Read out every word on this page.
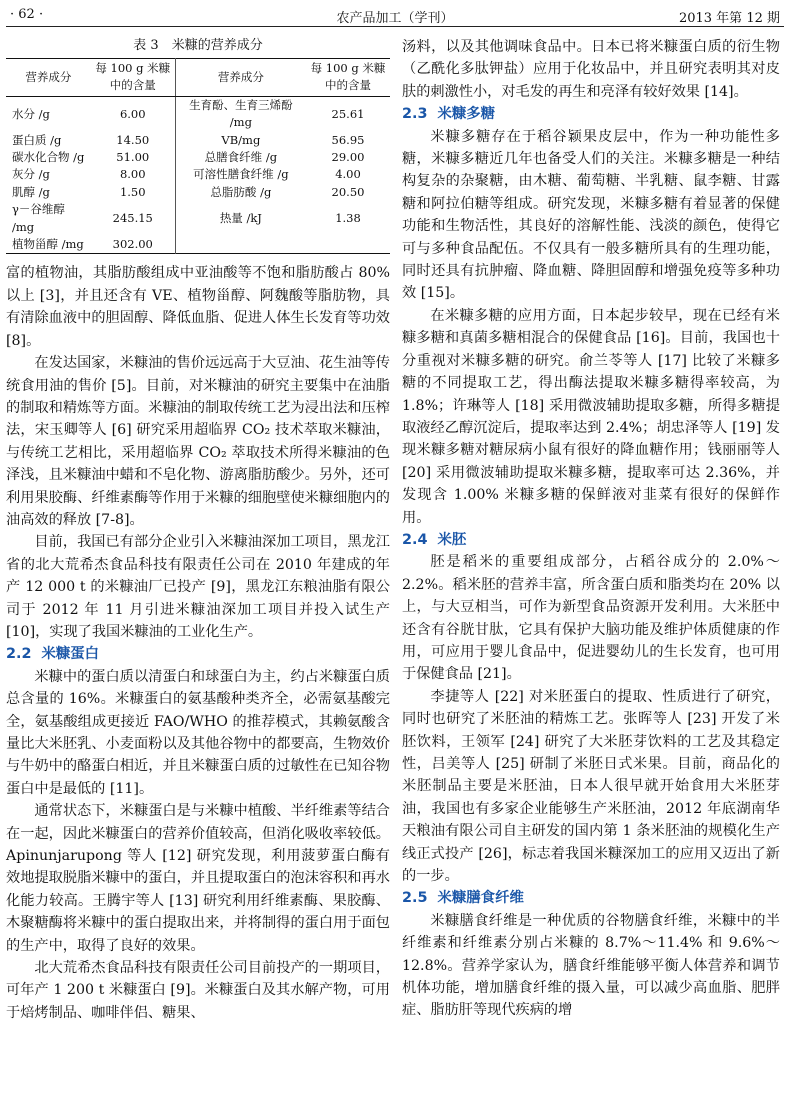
· 62 ·	农产品加工（学刊）	2013 年第 12 期
表 3　米糠的营养成分
营养成分	每 100 g 米糠中的含量	营养成分	每 100 g 米糠中的含量
水分 /g	6.00	生育酚、生育三烯酚 /mg	25.61
蛋白质 /g	14.50	VB/mg	56.95
碳水化合物 /g	51.00	总膳食纤维 /g	29.00
灰分 /g	8.00	可溶性膳食纤维 /g	4.00
肌醇 /g	1.50	总脂肪酸 /g	20.50
γ－谷维醇 /mg	245.15	热量 /kJ	1.38
植物甾醇 /mg	302.00		

富的植物油，其脂肪酸组成中亚油酸等不饱和脂肪酸占 80% 以上 [3]，并且还含有 VE、植物甾醇、阿魏酸等脂肪物，具有清除血液中的胆固醇、降低血脂、促进人体生长发育等功效 [8]。

在发达国家，米糠油的售价远远高于大豆油、花生油等传统食用油的售价 [5]。目前，对米糠油的研究主要集中在油脂的制取和精炼等方面。米糠油的制取传统工艺为浸出法和压榨法，宋玉卿等人 [6] 研究采用超临界 CO₂ 技术萃取米糠油，与传统工艺相比，采用超临界 CO₂ 萃取技术所得米糠油的色泽浅，且米糠油中蜡和不皂化物、游离脂肪酸少。另外，还可利用果胶酶、纤维素酶等作用于米糠的细胞壁使米糠细胞内的油高效的释放 [7-8]。

目前，我国已有部分企业引入米糠油深加工项目，黑龙江省的北大荒希杰食品科技有限责任公司在 2010 年建成的年产 12 000 t 的米糠油厂已投产 [9]，黑龙江东粮油脂有限公司于 2012 年 11 月引进米糠油深加工项目并投入试生产 [10]，实现了我国米糠油的工业化生产。

2.2 米糠蛋白

米糠中的蛋白质以清蛋白和球蛋白为主，约占米糠蛋白质总含量的 16%。米糠蛋白的氨基酸种类齐全，必需氨基酸完全，氨基酸组成更接近 FAO/WHO 的推荐模式，其赖氨酸含量比大米胚乳、小麦面粉以及其他谷物中的都要高，生物效价与牛奶中的酪蛋白相近，并且米糠蛋白质的过敏性在已知谷物蛋白中是最低的 [11]。

通常状态下，米糠蛋白是与米糠中植酸、半纤维素等结合在一起，因此米糠蛋白的营养价值较高，但消化吸收率较低。Apinunjarupong 等人 [12] 研究发现，利用菠萝蛋白酶有效地提取脱脂米糠中的蛋白，并且提取蛋白的泡沫容积和再水化能力较高。王腾宇等人 [13] 研究利用纤维素酶、果胶酶、木聚糖酶将米糠中的蛋白提取出来，并将制得的蛋白用于面包的生产中，取得了良好的效果。

北大荒希杰食品科技有限责任公司目前投产的一期项目，可年产 1 200 t 米糠蛋白 [9]。米糠蛋白及其水解产物，可用于焙烤制品、咖啡伴侣、糖果、

汤料，以及其他调味食品中。日本已将米糠蛋白质的衍生物（乙酰化多肽钾盐）应用于化妆品中，并且研究表明其对皮肤的刺激性小，对毛发的再生和亮泽有较好效果 [14]。

2.3 米糠多糖

米糠多糖存在于稻谷颖果皮层中，作为一种功能性多糖，米糠多糖近几年也备受人们的关注。米糠多糖是一种结构复杂的杂聚糖，由木糖、葡萄糖、半乳糖、鼠李糖、甘露糖和阿拉伯糖等组成。研究发现，米糠多糖有着显著的保健功能和生物活性，其良好的溶解性能、浅淡的颜色，使得它可与多种食品配伍。不仅具有一般多糖所具有的生理功能，同时还具有抗肿瘤、降血糖、降胆固醇和增强免疫等多种功效 [15]。

在米糠多糖的应用方面，日本起步较早，现在已经有米糠多糖和真菌多糖相混合的保健食品 [16]。目前，我国也十分重视对米糠多糖的研究。俞兰苓等人 [17] 比较了米糠多糖的不同提取工艺，得出酶法提取米糠多糖得率较高，为 1.8%；许琳等人 [18] 采用微波辅助提取多糖，所得多糖提取液经乙醇沉淀后，提取率达到 2.4%；胡忠泽等人 [19] 发现米糠多糖对糖尿病小鼠有很好的降血糖作用；钱丽丽等人 [20] 采用微波辅助提取米糠多糖，提取率可达 2.36%，并发现含 1.00% 米糠多糖的保鲜液对韭菜有很好的保鲜作用。

2.4 米胚

胚是稻米的重要组成部分，占稻谷成分的 2.0%～2.2%。稻米胚的营养丰富，所含蛋白质和脂类均在 20% 以上，与大豆相当，可作为新型食品资源开发利用。大米胚中还含有谷胱甘肽，它具有保护大脑功能及维护体质健康的作用，可应用于婴儿食品中，促进婴幼儿的生长发育，也可用于保健食品 [21]。

李捷等人 [22] 对米胚蛋白的提取、性质进行了研究，同时也研究了米胚油的精炼工艺。张晖等人 [23] 开发了米胚饮料，王领军 [24] 研究了大米胚芽饮料的工艺及其稳定性，吕美等人 [25] 研制了米胚日式米果。目前，商品化的米胚制品主要是米胚油，日本人很早就开始食用大米胚芽油，我国也有多家企业能够生产米胚油，2012 年底湖南华天粮油有限公司自主研发的国内第 1 条米胚油的规模化生产线正式投产 [26]，标志着我国米糠深加工的应用又迈出了新的一步。

2.5 米糠膳食纤维

米糠膳食纤维是一种优质的谷物膳食纤维，米糠中的半纤维素和纤维素分别占米糠的 8.7%～11.4% 和 9.6%～12.8%。营养学家认为，膳食纤维能够平衡人体营养和调节机体功能，增加膳食纤维的摄入量，可以减少高血脂、肥胖症、脂肪肝等现代疾病的增
